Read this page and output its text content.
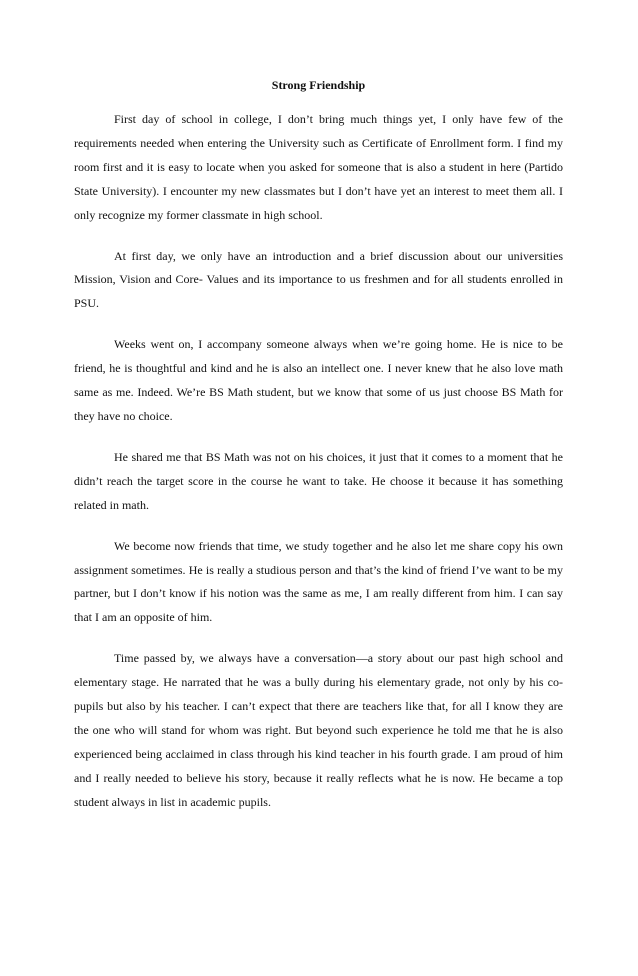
Strong Friendship

First day of school in college, I don’t bring much things yet, I only have few of the requirements needed when entering the University such as Certificate of Enrollment form. I find my room first and it is easy to locate when you asked for someone that is also a student in here (Partido State University). I encounter my new classmates but I don’t have yet an interest to meet them all. I only recognize my former classmate in high school.

At first day, we only have an introduction and a brief discussion about our universities Mission, Vision and Core- Values and its importance to us freshmen and for all students enrolled in PSU.

Weeks went on, I accompany someone always when we’re going home. He is nice to be friend, he is thoughtful and kind and he is also an intellect one. I never knew that he also love math same as me. Indeed. We’re BS Math student, but we know that some of us just choose BS Math for they have no choice.

He shared me that BS Math was not on his choices, it just that it comes to a moment that he didn’t reach the target score in the course he want to take. He choose it because it has something related in math.

We become now friends that time, we study together and he also let me share copy his own assignment sometimes. He is really a studious person and that’s the kind of friend I’ve want to be my partner, but I don’t know if his notion was the same as me, I am really different from him. I can say that I am an opposite of him.

Time passed by, we always have a conversation—a story about our past high school and elementary stage. He narrated that he was a bully during his elementary grade, not only by his co-pupils but also by his teacher. I can’t expect that there are teachers like that, for all I know they are the one who will stand for whom was right. But beyond such experience he told me that he is also experienced being acclaimed in class through his kind teacher in his fourth grade. I am proud of him and I really needed to believe his story, because it really reflects what he is now. He became a top student always in list in academic pupils.
